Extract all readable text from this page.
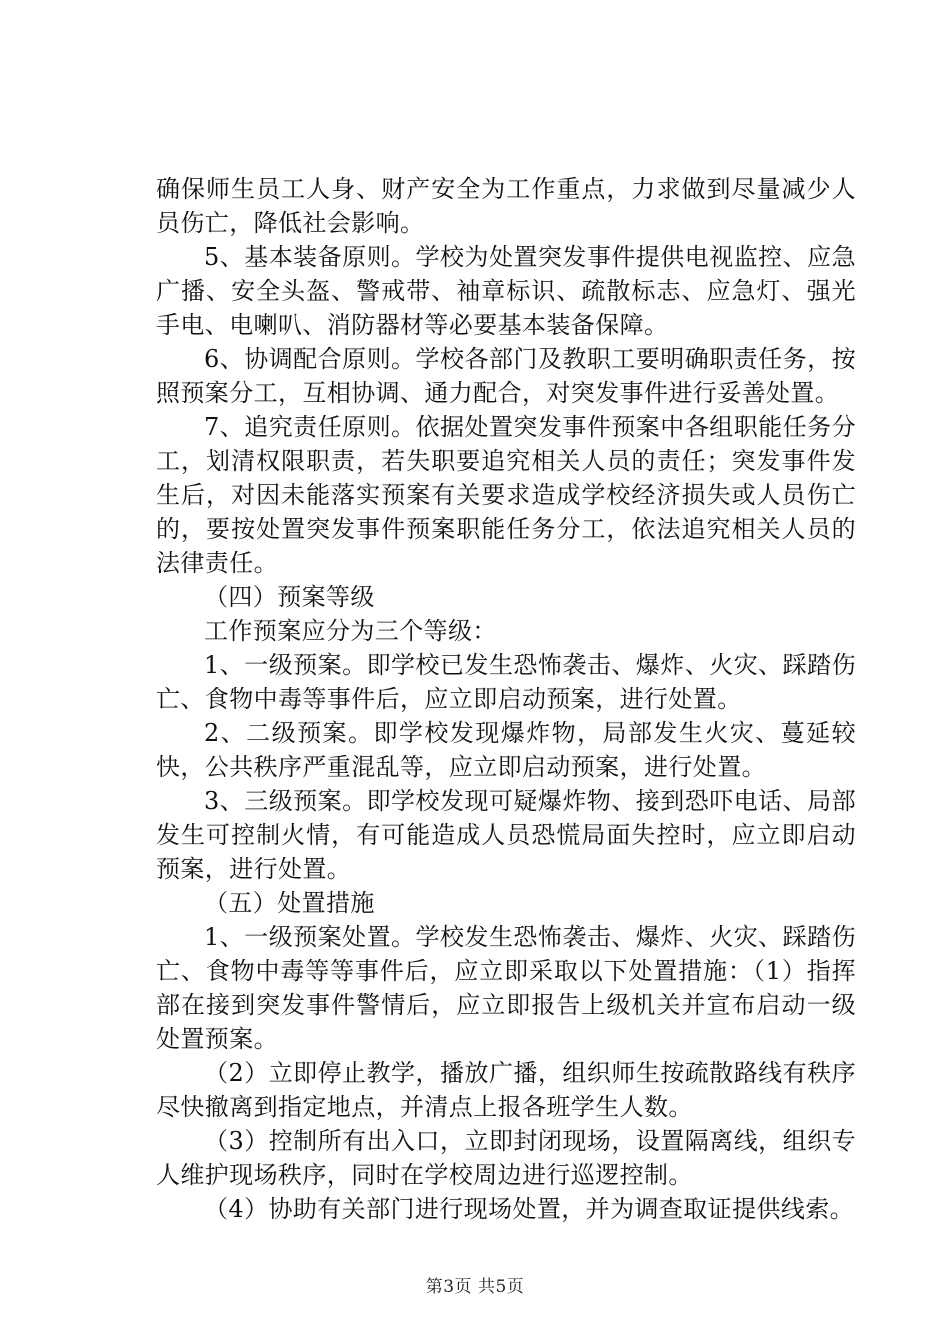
确保师生员工人身、财产安全为工作重点，力求做到尽量减少人员伤亡，降低社会影响。

5、基本装备原则。学校为处置突发事件提供电视监控、应急广播、安全头盔、警戒带、袖章标识、疏散标志、应急灯、强光手电、电喇叭、消防器材等必要基本装备保障。

6、协调配合原则。学校各部门及教职工要明确职责任务，按照预案分工，互相协调、通力配合，对突发事件进行妥善处置。

7、追究责任原则。依据处置突发事件预案中各组职能任务分工，划清权限职责，若失职要追究相关人员的责任；突发事件发生后，对因未能落实预案有关要求造成学校经济损失或人员伤亡的，要按处置突发事件预案职能任务分工，依法追究相关人员的法律责任。

（四）预案等级

工作预案应分为三个等级：

1、一级预案。即学校已发生恐怖袭击、爆炸、火灾、踩踏伤亡、食物中毒等事件后，应立即启动预案，进行处置。

2、二级预案。即学校发现爆炸物，局部发生火灾、蔓延较快，公共秩序严重混乱等，应立即启动预案，进行处置。

3、三级预案。即学校发现可疑爆炸物、接到恐吓电话、局部发生可控制火情，有可能造成人员恐慌局面失控时，应立即启动预案，进行处置。

（五）处置措施

1、一级预案处置。学校发生恐怖袭击、爆炸、火灾、踩踏伤亡、食物中毒等等事件后，应立即采取以下处置措施：（1）指挥部在接到突发事件警情后，应立即报告上级机关并宣布启动一级处置预案。

（2）立即停止教学，播放广播，组织师生按疏散路线有秩序尽快撤离到指定地点，并清点上报各班学生人数。

（3）控制所有出入口，立即封闭现场，设置隔离线，组织专人维护现场秩序，同时在学校周边进行巡逻控制。

（4）协助有关部门进行现场处置，并为调查取证提供线索。

第3页 共5页
